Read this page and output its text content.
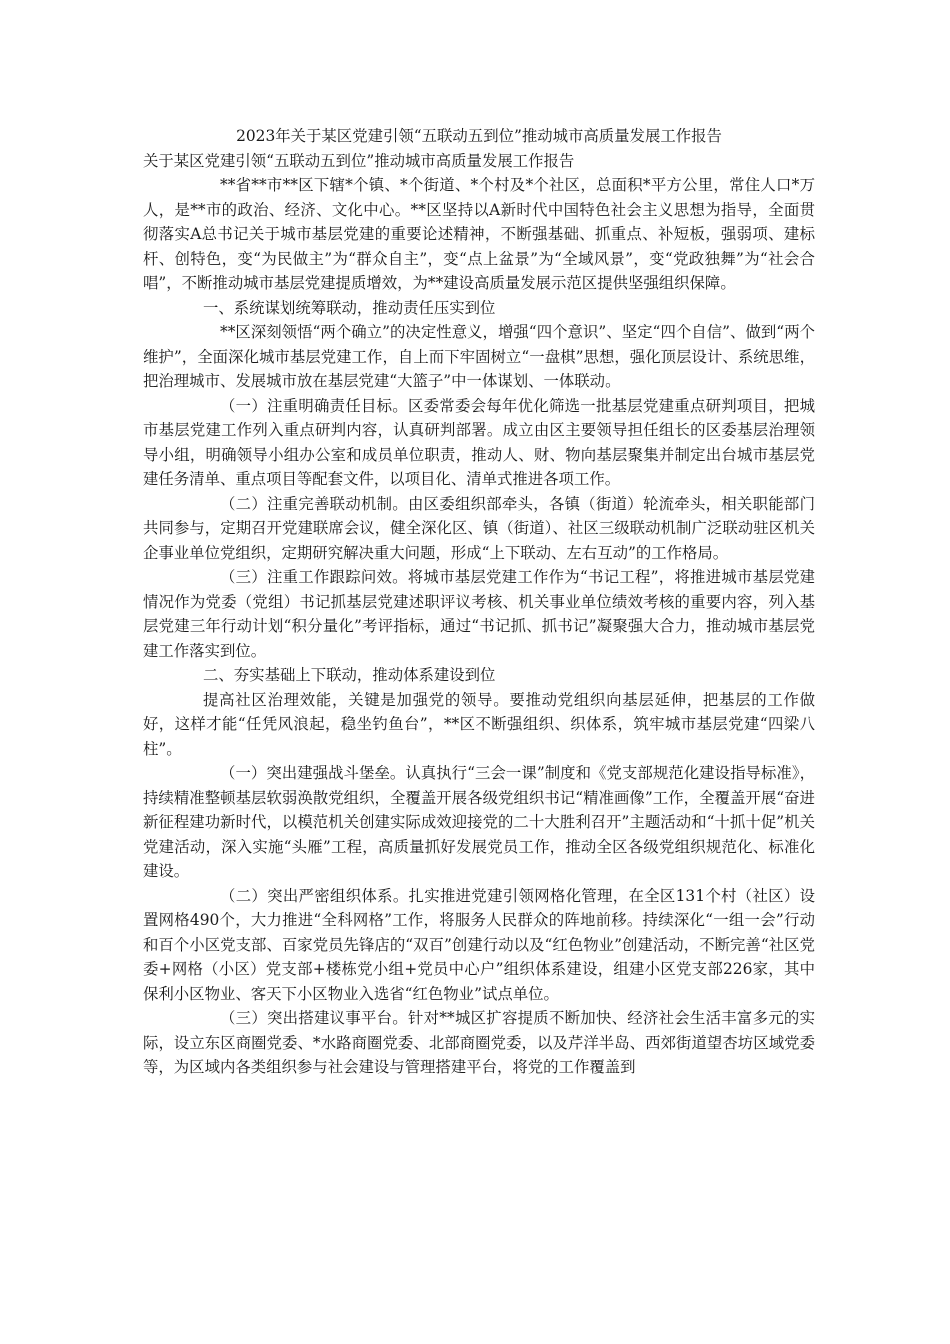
2023年关于某区党建引领“五联动五到位”推动城市高质量发展工作报告

关于某区党建引领“五联动五到位”推动城市高质量发展工作报告

**省**市**区下辖*个镇、*个街道、*个村及*个社区，总面积*平方公里，常住人口*万人，是**市的政治、经济、文化中心。**区坚持以A新时代中国特色社会主义思想为指导，全面贯彻落实A总书记关于城市基层党建的重要论述精神，不断强基础、抓重点、补短板，强弱项、建标杆、创特色，变“为民做主”为“群众自主”，变“点上盆景”为“全域风景”，变“党政独舞”为“社会合唱”，不断推动城市基层党建提质增效，为**建设高质量发展示范区提供坚强组织保障。

一、系统谋划统筹联动，推动责任压实到位

**区深刻领悟“两个确立”的决定性意义，增强“四个意识”、坚定“四个自信”、做到“两个维护”，全面深化城市基层党建工作，自上而下牢固树立“一盘棋”思想，强化顶层设计、系统思维，把治理城市、发展城市放在基层党建“大篮子”中一体谋划、一体联动。

（一）注重明确责任目标。区委常委会每年优化筛选一批基层党建重点研判项目，把城市基层党建工作列入重点研判内容，认真研判部署。成立由区主要领导担任组长的区委基层治理领导小组，明确领导小组办公室和成员单位职责，推动人、财、物向基层聚集并制定出台城市基层党建任务清单、重点项目等配套文件，以项目化、清单式推进各项工作。

（二）注重完善联动机制。由区委组织部牵头，各镇（街道）轮流牵头，相关职能部门共同参与，定期召开党建联席会议，健全深化区、镇（街道）、社区三级联动机制广泛联动驻区机关企事业单位党组织，定期研究解决重大问题，形成“上下联动、左右互动”的工作格局。

（三）注重工作跟踪问效。将城市基层党建工作作为“书记工程”，将推进城市基层党建情况作为党委（党组）书记抓基层党建述职评议考核、机关事业单位绩效考核的重要内容，列入基层党建三年行动计划“积分量化”考评指标，通过“书记抓、抓书记”凝聚强大合力，推动城市基层党建工作落实到位。

二、夯实基础上下联动，推动体系建设到位

提高社区治理效能，关键是加强党的领导。要推动党组织向基层延伸，把基层的工作做好，这样才能“任凭风浪起，稳坐钓鱼台”，**区不断强组织、织体系，筑牢城市基层党建“四梁八柱”。

（一）突出建强战斗堡垒。认真执行“三会一课”制度和《党支部规范化建设指导标准》，持续精准整顿基层软弱涣散党组织，全覆盖开展各级党组织书记“精准画像”工作，全覆盖开展“奋进新征程建功新时代，以模范机关创建实际成效迎接党的二十大胜利召开”主题活动和“十抓十促”机关党建活动，深入实施“头雁”工程，高质量抓好发展党员工作，推动全区各级党组织规范化、标准化建设。

（二）突出严密组织体系。扎实推进党建引领网格化管理，在全区131个村（社区）设置网格490个，大力推进“全科网格”工作，将服务人民群众的阵地前移。持续深化“一组一会”行动和百个小区党支部、百家党员先锋店的“双百”创建行动以及“红色物业”创建活动，不断完善“社区党委+网格（小区）党支部+楼栋党小组+党员中心户”组织体系建设，组建小区党支部226家，其中保利小区物业、客天下小区物业入选省“红色物业”试点单位。

（三）突出搭建议事平台。针对**城区扩容提质不断加快、经济社会生活丰富多元的实际，设立东区商圈党委、*水路商圈党委、北部商圈党委，以及芹洋半岛、西郊街道望杏坊区域党委等，为区域内各类组织参与社会建设与管理搭建平台，将党的工作覆盖到
